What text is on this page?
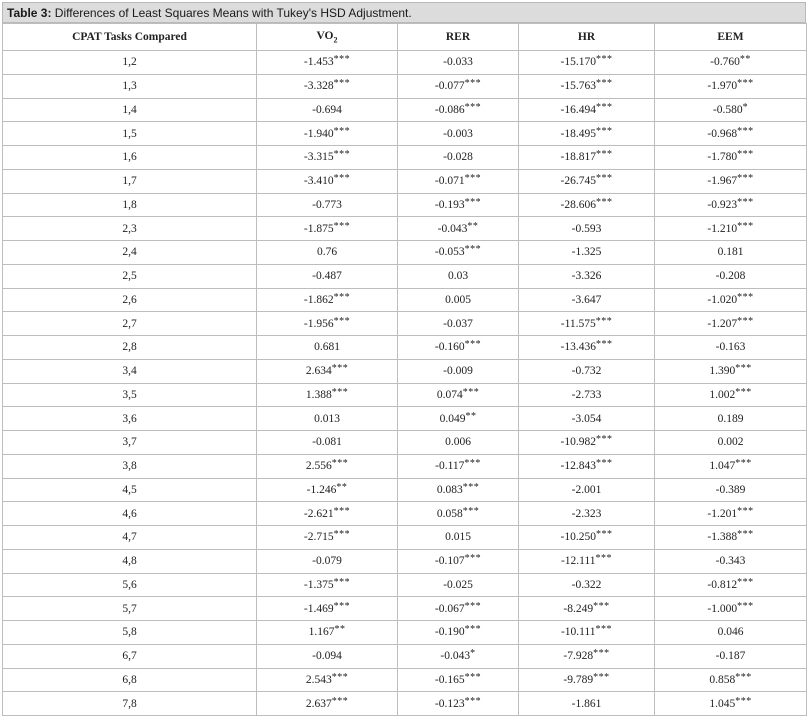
Table 3: Differences of Least Squares Means with Tukey's HSD Adjustment.
CPAT Tasks Compared	$VO_2$	RER	HR	EEM
1,2	-1.453***	-0.033	-15.170***	-0.760**
1,3	-3.328***	-0.077***	-15.763***	-1.970***
1,4	-0.694	-0.086***	-16.494***	-0.580*
1,5	-1.940***	-0.003	-18.495***	-0.968***
1,6	-3.315***	-0.028	-18.817***	-1.780***
1,7	-3.410***	-0.071***	-26.745***	-1.967***
1,8	-0.773	-0.193***	-28.606***	-0.923***
2,3	-1.875***	-0.043**	-0.593	-1.210***
2,4	0.76	-0.053***	-1.325	0.181
2,5	-0.487	0.03	-3.326	-0.208
2,6	-1.862***	0.005	-3.647	-1.020***
2,7	-1.956***	-0.037	-11.575***	-1.207***
2,8	0.681	-0.160***	-13.436***	-0.163
3,4	2.634***	-0.009	-0.732	1.390***
3,5	1.388***	0.074***	-2.733	1.002***
3,6	0.013	0.049**	-3.054	0.189
3,7	-0.081	0.006	-10.982***	0.002
3,8	2.556***	-0.117***	-12.843***	1.047***
4,5	-1.246**	0.083***	-2.001	-0.389
4,6	-2.621***	0.058***	-2.323	-1.201***
4,7	-2.715***	0.015	-10.250***	-1.388***
4,8	-0.079	-0.107***	-12.111***	-0.343
5,6	-1.375***	-0.025	-0.322	-0.812***
5,7	-1.469***	-0.067***	-8.249***	-1.000***
5,8	1.167**	-0.190***	-10.111***	0.046
6,7	-0.094	-0.043*	-7.928***	-0.187
6,8	2.543***	-0.165***	-9.789***	0.858***
7,8	2.637***	-0.123***	-1.861	1.045***
